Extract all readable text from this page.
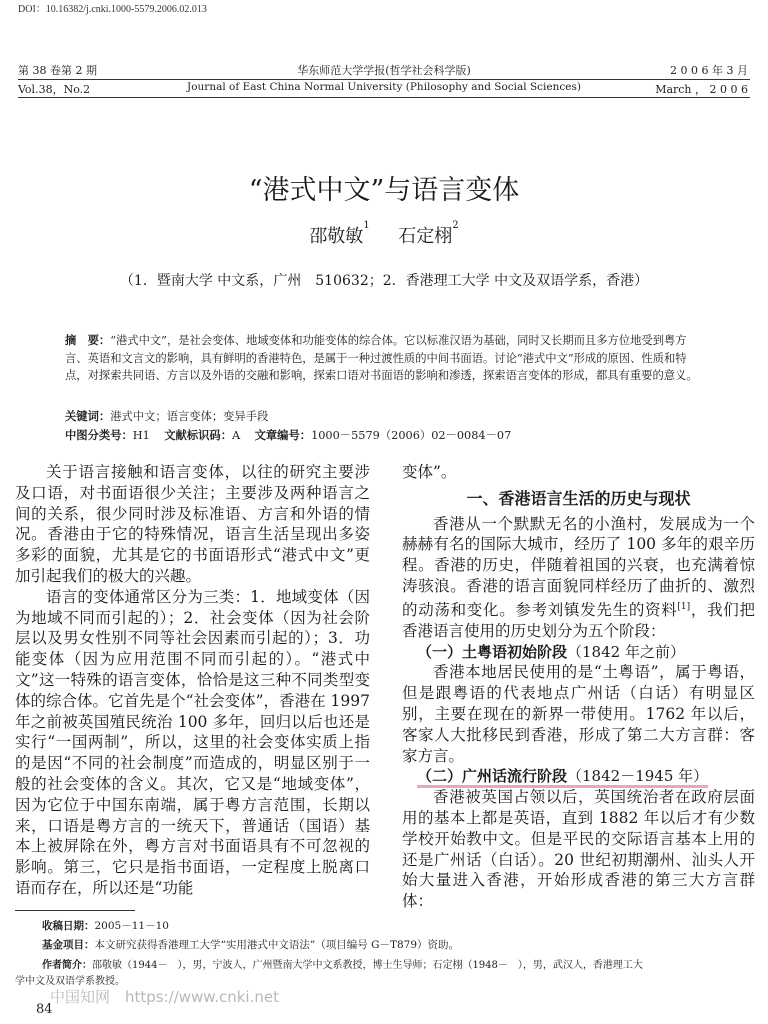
DOI：10.16382/j.cnki.1000-5579.2006.02.013
第 38 卷第 2 期
Vol.38，No.2
华东师范大学学报(哲学社会科学版)
Journal of East China Normal University (Philosophy and Social Sciences)
2 0 0 6 年 3 月
March ， 2 0 0 6
“港式中文”与语言变体
邵敬敏$^1$     石定栩$^2$
（1．暨南大学 中文系，广州　510632；2．香港理工大学 中文及双语学系，香港）
摘　要：“港式中文”，是社会变体、地域变体和功能变体的综合体。它以标准汉语为基础，同时又长期而且多方位地受到粤方言、英语和文言文的影响，具有鲜明的香港特色，是属于一种过渡性质的中间书面语。讨论“港式中文”形成的原因、性质和特点，对探索共同语、方言以及外语的交融和影响，探索口语对书面语的影响和渗透，探索语言变体的形成，都具有重要的意义。
关键词：港式中文；语言变体；变异手段
中图分类号：H1 文献标识码：A 文章编号：1000－5579（2006）02－0084－07

关于语言接触和语言变体，以往的研究主要涉及口语，对书面语很少关注；主要涉及两种语言之间的关系，很少同时涉及标准语、方言和外语的情况。香港由于它的特殊情况，语言生活呈现出多姿多彩的面貌，尤其是它的书面语形式“港式中文”更加引起我们的极大的兴趣。

语言的变体通常区分为三类：1．地域变体（因为地域不同而引起的）；2．社会变体（因为社会阶层以及男女性别不同等社会因素而引起的）；3．功能变体（因为应用范围不同而引起的）。“港式中文”这一特殊的语言变体，恰恰是这三种不同类型变体的综合体。它首先是个“社会变体”，香港在 1997 年之前被英国殖民统治 100 多年，回归以后也还是实行“一国两制”，所以，这里的社会变体实质上指的是因“不同的社会制度”而造成的，明显区别于一般的社会变体的含义。其次，它又是“地域变体”，因为它位于中国东南端，属于粤方言范围，长期以来，口语是粤方言的一统天下，普通话（国语）基本上被屏除在外，粤方言对书面语具有不可忽视的影响。第三，它只是指书面语，一定程度上脱离口语而存在，所以还是“功能

变体”。

一、香港语言生活的历史与现状

香港从一个默默无名的小渔村，发展成为一个赫赫有名的国际大城市，经历了 100 多年的艰辛历程。香港的历史，伴随着祖国的兴衰，也充满着惊涛骇浪。香港的语言面貌同样经历了曲折的、激烈的动荡和变化。参考刘镇发先生的资料[1]，我们把香港语言使用的历史划分为五个阶段：

（一）土粤语初始阶段（1842 年之前）

香港本地居民使用的是“土粤语”，属于粤语，但是跟粤语的代表地点广州话（白话）有明显区别，主要在现在的新界一带使用。1762 年以后，客家人大批移民到香港，形成了第二大方言群：客家方言。

（二）广州话流行阶段（1842－1945 年）

香港被英国占领以后，英国统治者在政府层面用的基本上都是英语，直到 1882 年以后才有少数学校开始教中文。但是平民的交际语言基本上用的还是广州话（白话）。20 世纪初期潮州、汕头人开始大量进入香港，开始形成香港的第三大方言群体：

收稿日期：2005－11－10
基金项目：本文研究获得香港理工大学“实用港式中文语法”（项目编号 G－T879）资助。
作者简介：邵敬敏（1944－　），男，宁波人，广州暨南大学中文系教授，博士生导师；石定栩（1948－　），男，武汉人，香港理工大
学中文及双语学系教授。
中国知网　https://www.cnki.net
84
